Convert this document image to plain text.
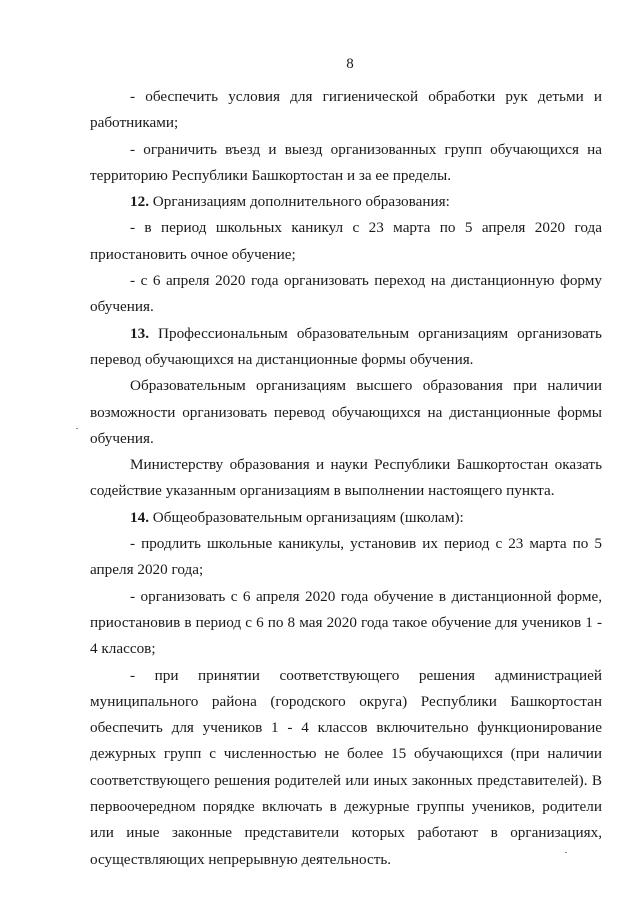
8

- обеспечить условия для гигиенической обработки рук детьми и работниками;

- ограничить въезд и выезд организованных групп обучающихся на территорию Республики Башкортостан и за ее пределы.

12. Организациям дополнительного образования:

- в период школьных каникул с 23 марта по 5 апреля 2020 года приостановить очное обучение;

- с 6 апреля 2020 года организовать переход на дистанционную форму обучения.

13. Профессиональным образовательным организациям организовать перевод обучающихся на дистанционные формы обучения.

Образовательным организациям высшего образования при наличии возможности организовать перевод обучающихся на дистанционные формы обучения.

Министерству образования и науки Республики Башкортостан оказать содействие указанным организациям в выполнении настоящего пункта.

14. Общеобразовательным организациям (школам):

- продлить школьные каникулы, установив их период с 23 марта по 5 апреля 2020 года;

- организовать с 6 апреля 2020 года обучение в дистанционной форме, приостановив в период с 6 по 8 мая 2020 года такое обучение для учеников 1 - 4 классов;

- при принятии соответствующего решения администрацией муниципального района (городского округа) Республики Башкортостан обеспечить для учеников 1 - 4 классов включительно функционирование дежурных групп с численностью не более 15 обучающихся (при наличии соответствующего решения родителей или иных законных представителей). В первоочередном порядке включать в дежурные группы учеников, родители или иные законные представители которых работают в организациях, осуществляющих непрерывную деятельность.
